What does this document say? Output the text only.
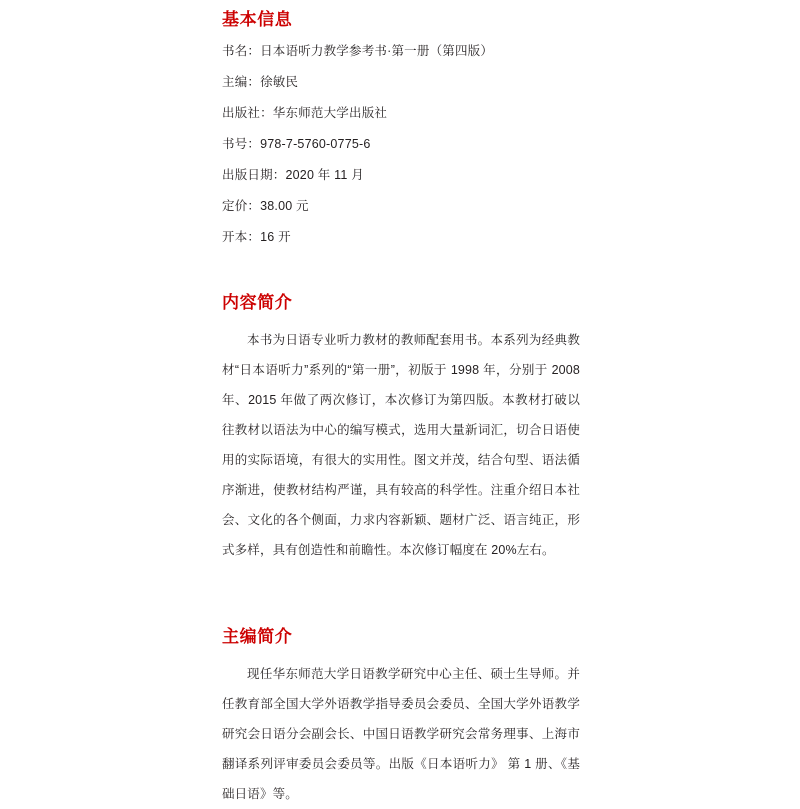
基本信息
书名：日本语听力教学参考书·第一册（第四版）
主编：徐敏民
出版社：华东师范大学出版社
书号：978-7-5760-0775-6
出版日期：2020 年 11 月
定价：38.00 元
开本：16 开
内容简介

本书为日语专业听力教材的教师配套用书。本系列为经典教材“日本语听力”系列的“第一册”，初版于 1998 年，分别于 2008 年、2015 年做了两次修订，本次修订为第四版。本教材打破以往教材以语法为中心的编写模式，选用大量新词汇，切合日语使用的实际语境，有很大的实用性。图文并茂，结合句型、语法循序渐进，使教材结构严谨，具有较高的科学性。注重介绍日本社会、文化的各个侧面，力求内容新颖、题材广泛、语言纯正，形式多样，具有创造性和前瞻性。本次修订幅度在 20%左右。

主编简介

现任华东师范大学日语教学研究中心主任、硕士生导师。并任教育部全国大学外语教学指导委员会委员、全国大学外语教学研究会日语分会副会长、中国日语教学研究会常务理事、上海市翻译系列评审委员会委员等。出版《日本语听力》 第 1 册、《基础日语》等。
